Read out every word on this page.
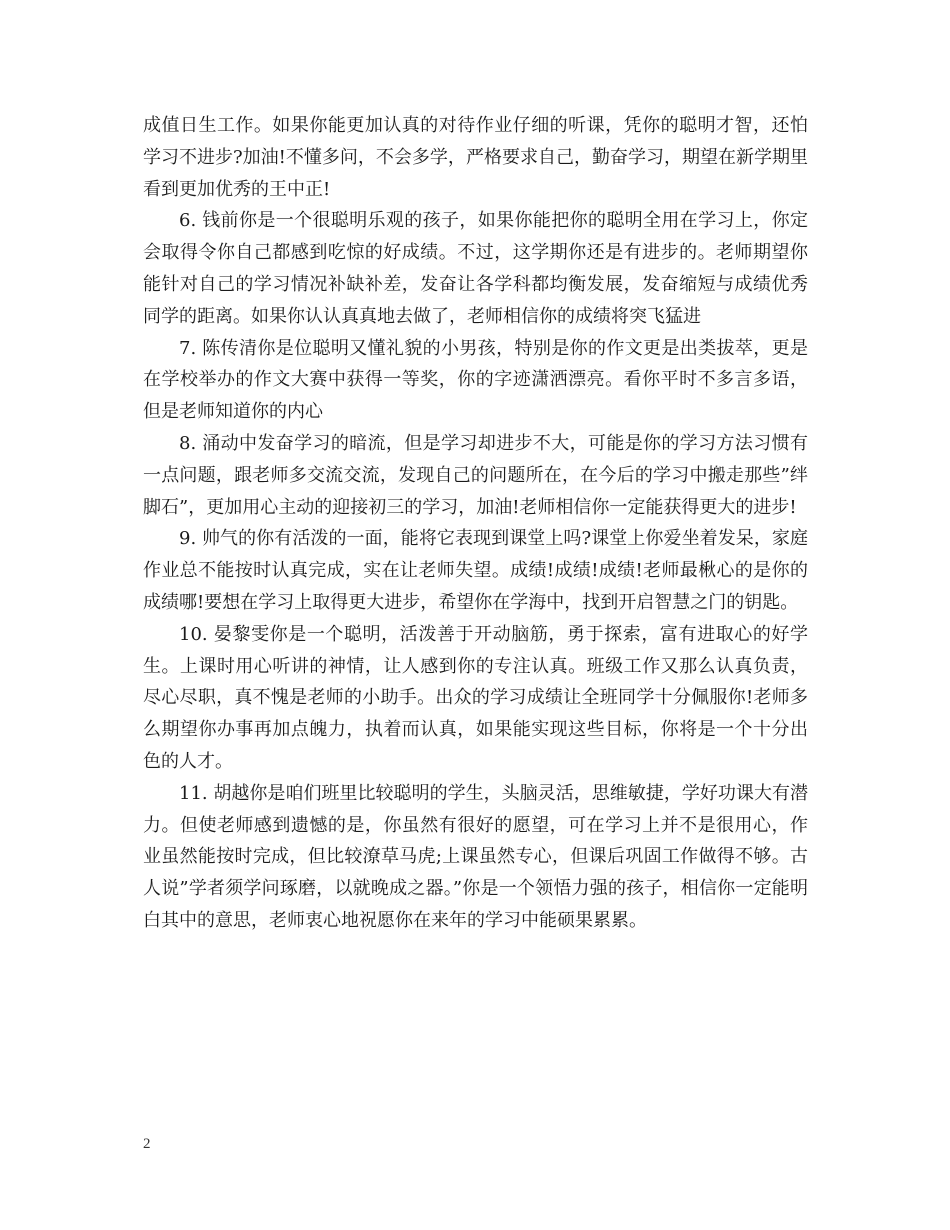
成值日生工作。如果你能更加认真的对待作业仔细的听课，凭你的聪明才智，还怕学习不进步?加油!不懂多问，不会多学，严格要求自己，勤奋学习，期望在新学期里看到更加优秀的王中正!

6. 钱前你是一个很聪明乐观的孩子，如果你能把你的聪明全用在学习上，你定会取得令你自己都感到吃惊的好成绩。不过，这学期你还是有进步的。老师期望你能针对自己的学习情况补缺补差，发奋让各学科都均衡发展，发奋缩短与成绩优秀同学的距离。如果你认认真真地去做了，老师相信你的成绩将突飞猛进

7. 陈传清你是位聪明又懂礼貌的小男孩，特别是你的作文更是出类拔萃，更是在学校举办的作文大赛中获得一等奖，你的字迹潇洒漂亮。看你平时不多言多语，但是老师知道你的内心

8. 涌动中发奋学习的暗流，但是学习却进步不大，可能是你的学习方法习惯有一点问题，跟老师多交流交流，发现自己的问题所在，在今后的学习中搬走那些”绊脚石”，更加用心主动的迎接初三的学习，加油!老师相信你一定能获得更大的进步!

9. 帅气的你有活泼的一面，能将它表现到课堂上吗?课堂上你爱坐着发呆，家庭作业总不能按时认真完成，实在让老师失望。成绩!成绩!成绩!老师最楸心的是你的成绩哪!要想在学习上取得更大进步，希望你在学海中，找到开启智慧之门的钥匙。

10. 晏黎雯你是一个聪明，活泼善于开动脑筋，勇于探索，富有进取心的好学生。上课时用心听讲的神情，让人感到你的专注认真。班级工作又那么认真负责，尽心尽职，真不愧是老师的小助手。出众的学习成绩让全班同学十分佩服你!老师多么期望你办事再加点魄力，执着而认真，如果能实现这些目标，你将是一个十分出色的人才。

11. 胡越你是咱们班里比较聪明的学生，头脑灵活，思维敏捷，学好功课大有潜力。但使老师感到遗憾的是，你虽然有很好的愿望，可在学习上并不是很用心，作业虽然能按时完成，但比较潦草马虎;上课虽然专心，但课后巩固工作做得不够。古人说”学者须学问琢磨，以就晚成之器。”你是一个领悟力强的孩子，相信你一定能明白其中的意思，老师衷心地祝愿你在来年的学习中能硕果累累。

2
